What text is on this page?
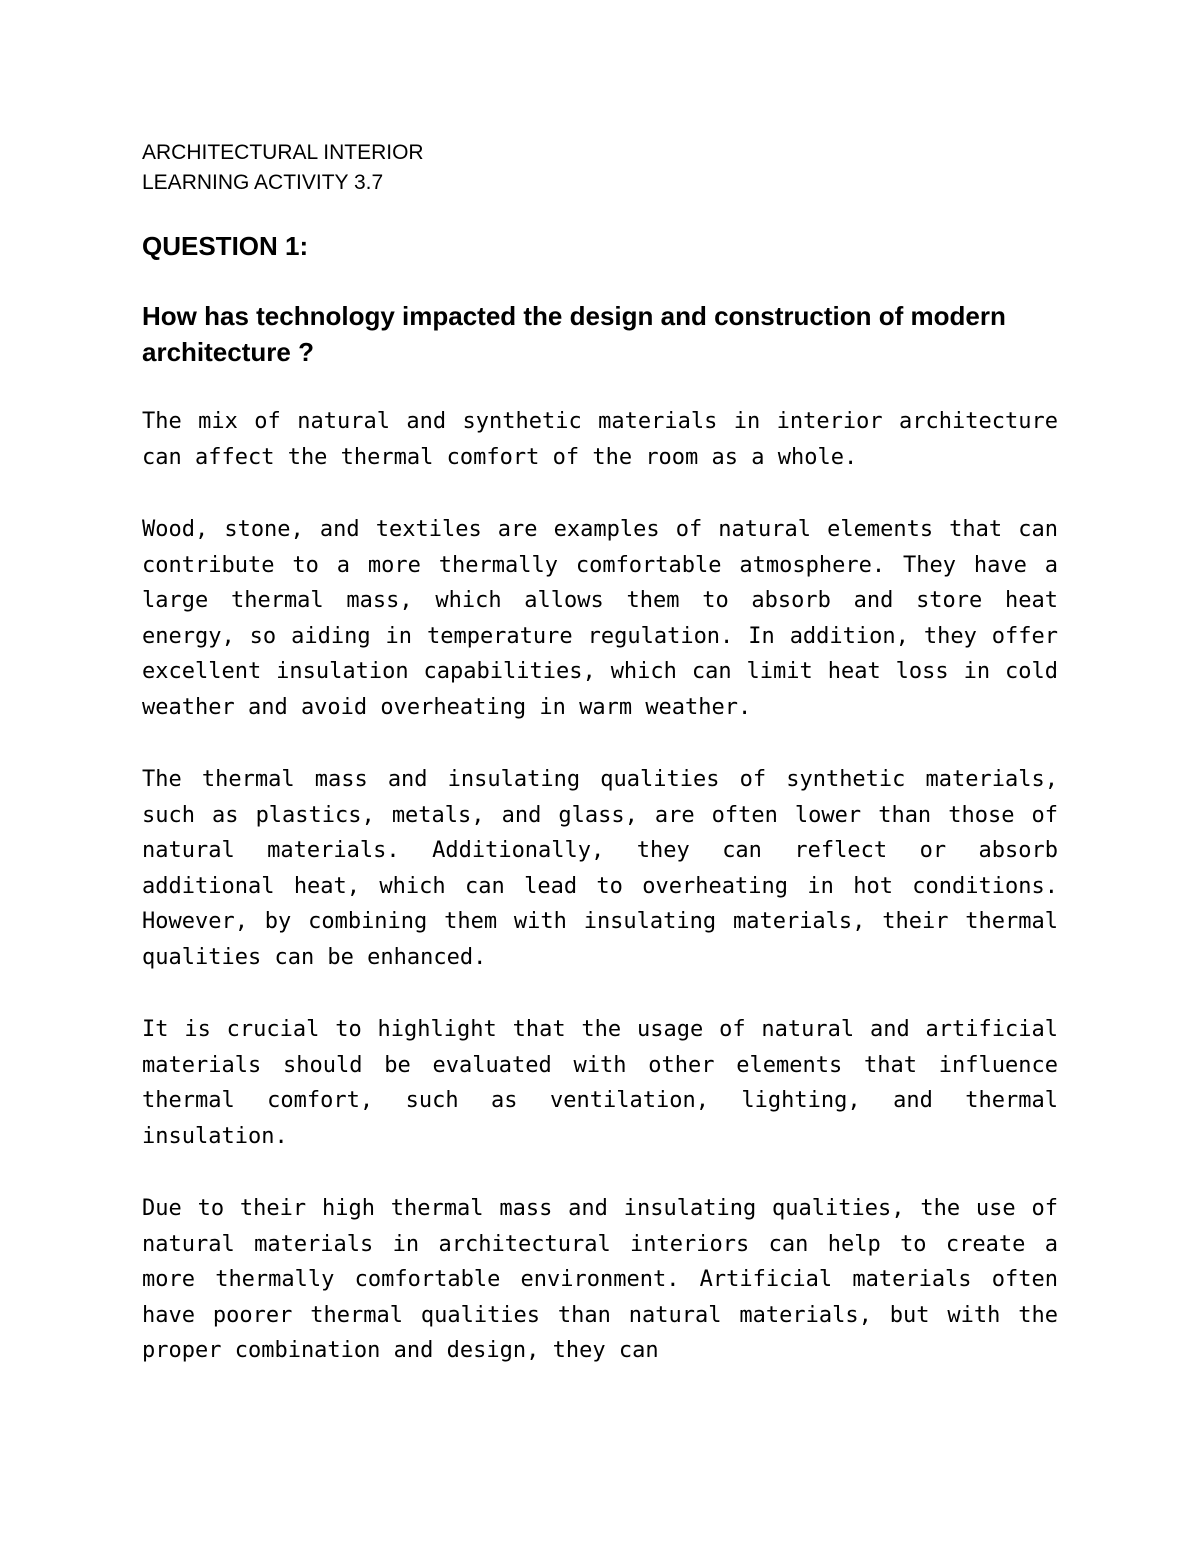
ARCHITECTURAL INTERIOR

LEARNING ACTIVITY 3.7

QUESTION 1:

How has technology impacted the design and construction of modern architecture ?

The mix of natural and synthetic materials in interior architecture can affect the thermal comfort of the room as a whole.

Wood, stone, and textiles are examples of natural elements that can contribute to a more thermally comfortable atmosphere. They have a large thermal mass, which allows them to absorb and store heat energy, so aiding in temperature regulation. In addition, they offer excellent insulation capabilities, which can limit heat loss in cold weather and avoid overheating in warm weather.

The thermal mass and insulating qualities of synthetic materials, such as plastics, metals, and glass, are often lower than those of natural materials. Additionally, they can reflect or absorb additional heat, which can lead to overheating in hot conditions. However, by combining them with insulating materials, their thermal qualities can be enhanced.

It is crucial to highlight that the usage of natural and artificial materials should be evaluated with other elements that influence thermal comfort, such as ventilation, lighting, and thermal insulation.

Due to their high thermal mass and insulating qualities, the use of natural materials in architectural interiors can help to create a more thermally comfortable environment. Artificial materials often have poorer thermal qualities than natural materials, but with the proper combination and design, they can
